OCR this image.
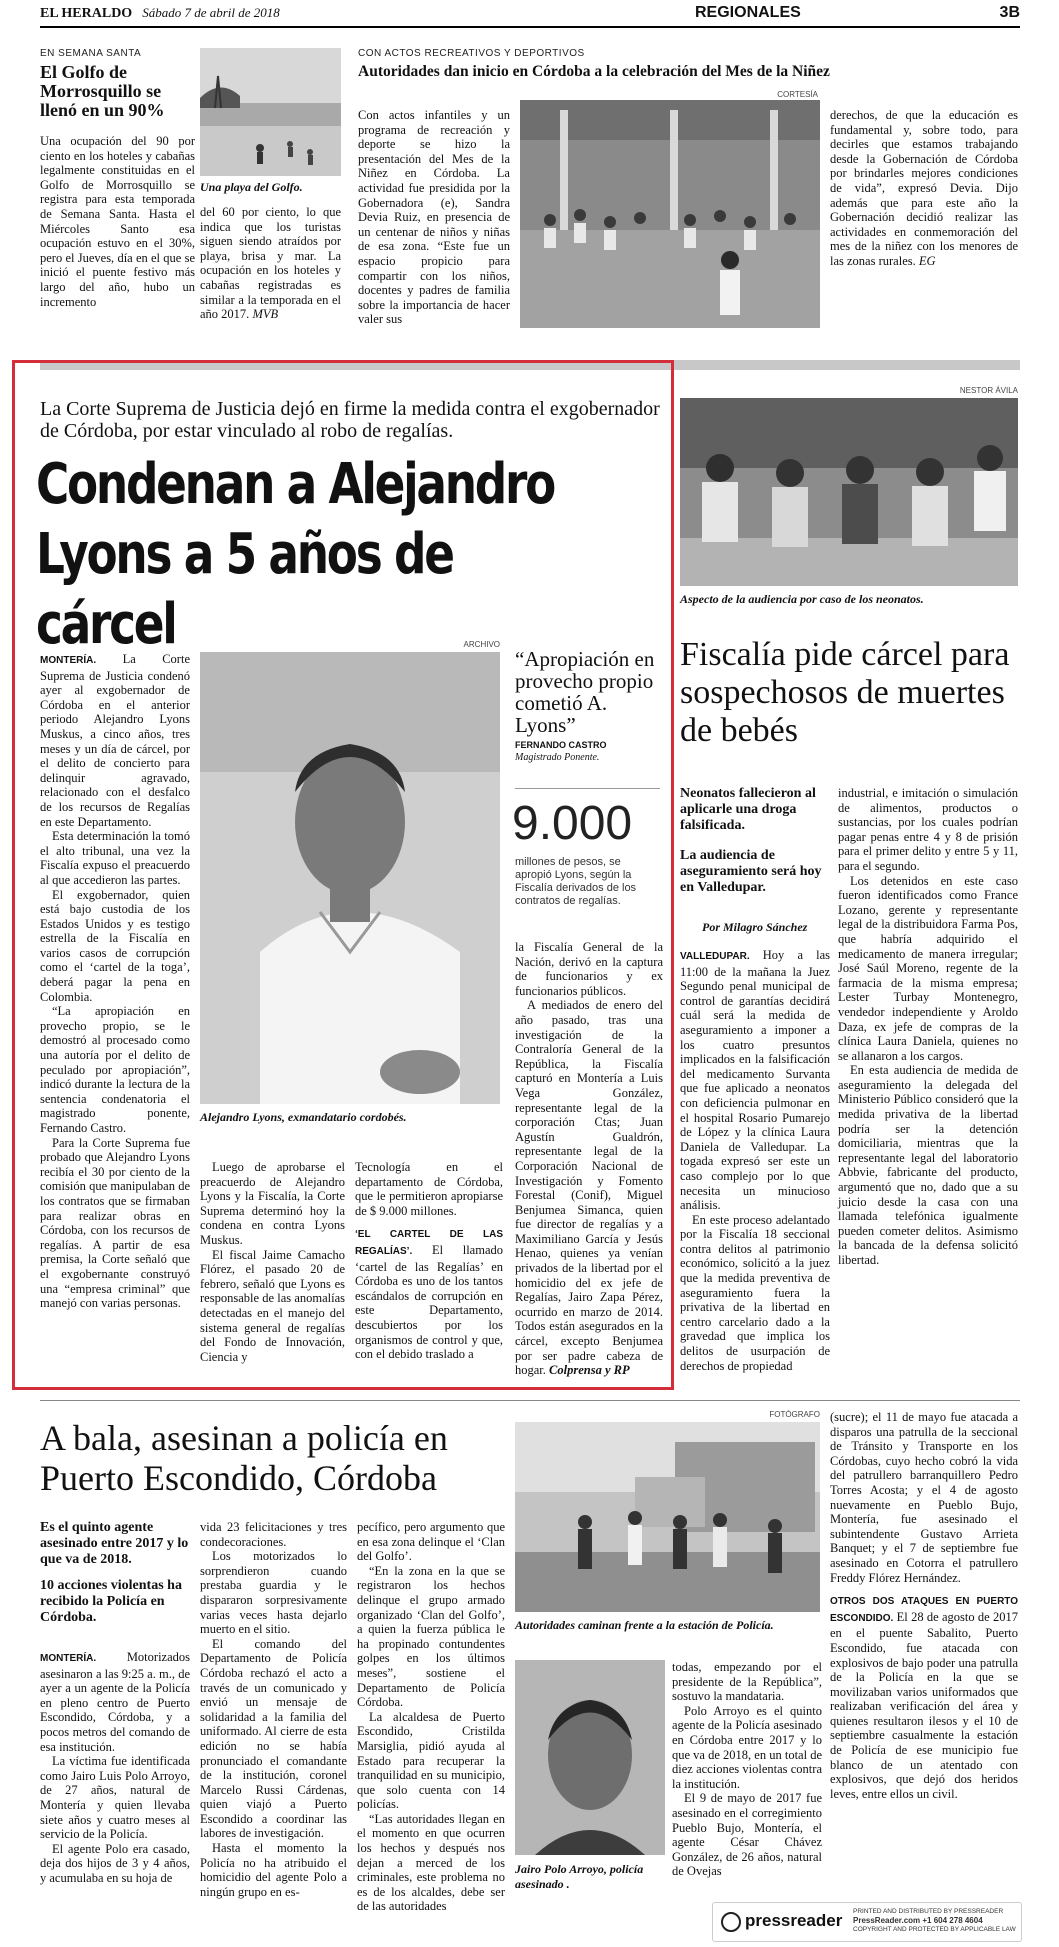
EL HERALDO Sábado 7 de abril de 2018	REGIONALES	3B
EN SEMANA SANTA
El Golfo de Morrosquillo se llenó en un 90%

Una ocupación del 90 por ciento en los hoteles y cabañas legalmente constituidas en el Golfo de Morrosquillo se registra para esta temporada de Semana Santa. Hasta el Miércoles Santo esa ocupación estuvo en el 30%, pero el Jueves, día en el que se inició el puente festivo más largo del año, hubo un incremento

Una playa del Golfo.

del 60 por ciento, lo que indica que los turistas siguen siendo atraídos por playa, brisa y mar. La ocupación en los hoteles y cabañas registradas es similar a la temporada en el año 2017. MVB

CON ACTOS RECREATIVOS Y DEPORTIVOS
Autoridades dan inicio en Córdoba a la celebración del Mes de la Niñez
CORTESÍA

Con actos infantiles y un programa de recreación y deporte se hizo la presentación del Mes de la Niñez en Córdoba. La actividad fue presidida por la Gobernadora (e), Sandra Devia Ruiz, en presencia de un centenar de niños y niñas de esa zona. “Este fue un espacio propicio para compartir con los niños, docentes y padres de familia sobre la importancia de hacer valer sus

derechos, de que la educación es fundamental y, sobre todo, para decirles que estamos trabajando desde la Gobernación de Córdoba por brindarles mejores condiciones de vida”, expresó Devia. Dijo además que para este año la Gobernación decidió realizar las actividades en conmemoración del mes de la niñez con los menores de las zonas rurales. EG

La Corte Suprema de Justicia dejó en firme la medida contra el exgobernador de Córdoba, por estar vinculado al robo de regalías.
Condenan a Alejandro
Lyons a 5 años de cárcel

MONTERÍA. La Corte Suprema de Justicia condenó ayer al exgobernador de Córdoba en el anterior periodo Alejandro Lyons Muskus, a cinco años, tres meses y un día de cárcel, por el delito de concierto para delinquir agravado, relacionado con el desfalco de los recursos de Regalías en este Departamento.

Esta determinación la tomó el alto tribunal, una vez la Fiscalía expuso el preacuerdo al que accedieron las partes.

El exgobernador, quien está bajo custodia de los Estados Unidos y es testigo estrella de la Fiscalía en varios casos de corrupción como el ‘cartel de la toga’, deberá pagar la pena en Colombia.

“La apropiación en provecho propio, se le demostró al procesado como una autoría por el delito de peculado por apropiación”, indicó durante la lectura de la sentencia condenatoria el magistrado ponente, Fernando Castro.

Para la Corte Suprema fue probado que Alejandro Lyons recibía el 30 por ciento de la comisión que manipulaban de los contratos que se firmaban para realizar obras en Córdoba, con los recursos de regalías. A partir de esa premisa, la Corte señaló que el exgobernante construyó una “empresa criminal” que manejó con varias personas.

ARCHIVO
Alejandro Lyons, exmandatario cordobés.

Luego de aprobarse el preacuerdo de Alejandro Lyons y la Fiscalía, la Corte Suprema determinó hoy la condena en contra Lyons Muskus.

El fiscal Jaime Camacho Flórez, el pasado 20 de febrero, señaló que Lyons es responsable de las anomalías detectadas en el manejo del sistema general de regalías del Fondo de Innovación, Ciencia y

Tecnología en el departamento de Córdoba, que le permitieron apropiarse de $ 9.000 millones.

‘EL CARTEL DE LAS REGALÍAS’. El llamado ‘cartel de las Regalías’ en Córdoba es uno de los tantos escándalos de corrupción en este Departamento, descubiertos por los organismos de control y que, con el debido traslado a

“Apropiación en provecho propio cometió A. Lyons”
FERNANDO CASTRO
Magistrado Ponente.
9.000
millones de pesos, se apropió Lyons, según la Fiscalía derivados de los contratos de regalías.

la Fiscalía General de la Nación, derivó en la captura de funcionarios y ex funcionarios públicos.

A mediados de enero del año pasado, tras una investigación de la Contraloría General de la República, la Fiscalía capturó en Montería a Luis Vega González, representante legal de la corporación Ctas; Juan Agustín Gualdrón, representante legal de la Corporación Nacional de Investigación y Fomento Forestal (Conif), Miguel Benjumea Simanca, quien fue director de regalías y a Maximiliano García y Jesús Henao, quienes ya venían privados de la libertad por el homicidio del ex jefe de Regalías, Jairo Zapa Pérez, ocurrido en marzo de 2014. Todos están asegurados en la cárcel, excepto Benjumea por ser padre cabeza de hogar. Colprensa y RP

NESTOR ÁVILA
Aspecto de la audiencia por caso de los neonatos.
Fiscalía pide cárcel para sospechosos de muertes de bebés
Neonatos fallecieron al aplicarle una droga falsificada.
La audiencia de aseguramiento será hoy en Valledupar.
Por Milagro Sánchez

VALLEDUPAR. Hoy a las 11:00 de la mañana la Juez Segundo penal municipal de control de garantías decidirá cuál será la medida de aseguramiento a imponer a los cuatro presuntos implicados en la falsificación del medicamento Survanta que fue aplicado a neonatos con deficiencia pulmonar en el hospital Rosario Pumarejo de López y la clínica Laura Daniela de Valledupar. La togada expresó ser este un caso complejo por lo que necesita un minucioso análisis.

En este proceso adelantado por la Fiscalía 18 seccional contra delitos al patrimonio económico, solicitó a la juez que la medida preventiva de aseguramiento fuera la privativa de la libertad en centro carcelario dado a la gravedad que implica los delitos de usurpación de derechos de propiedad

industrial, e imitación o simulación de alimentos, productos o sustancias, por los cuales podrían pagar penas entre 4 y 8 de prisión para el primer delito y entre 5 y 11, para el segundo.

Los detenidos en este caso fueron identificados como France Lozano, gerente y representante legal de la distribuidora Farma Pos, que habría adquirido el medicamento de manera irregular; José Saúl Moreno, regente de la farmacia de la misma empresa; Lester Turbay Montenegro, vendedor independiente y Aroldo Daza, ex jefe de compras de la clínica Laura Daniela, quienes no se allanaron a los cargos.

En esta audiencia de medida de aseguramiento la delegada del Ministerio Público consideró que la medida privativa de la libertad podría ser la detención domiciliaria, mientras que la representante legal del laboratorio Abbvie, fabricante del producto, argumentó que no, dado que a su juicio desde la casa con una llamada telefónica igualmente pueden cometer delitos. Asimismo la bancada de la defensa solicitó libertad.

A bala, asesinan a policía en Puerto Escondido, Córdoba
Es el quinto agente asesinado entre 2017 y lo que va de 2018.
10 acciones violentas ha recibido la Policía en Córdoba.

MONTERÍA. Motorizados asesinaron a las 9:25 a. m., de ayer a un agente de la Policía en pleno centro de Puerto Escondido, Córdoba, y a pocos metros del comando de esa institución.

La víctima fue identificada como Jairo Luis Polo Arroyo, de 27 años, natural de Montería y quien llevaba siete años y cuatro meses al servicio de la Policía.

El agente Polo era casado, deja dos hijos de 3 y 4 años, y acumulaba en su hoja de

vida 23 felicitaciones y tres condecoraciones.

Los motorizados lo sorprendieron cuando prestaba guardia y le dispararon sorpresivamente varias veces hasta dejarlo muerto en el sitio.

El comando del Departamento de Policía Córdoba rechazó el acto a través de un comunicado y envió un mensaje de solidaridad a la familia del uniformado. Al cierre de esta edición no se había pronunciado el comandante de la institución, coronel Marcelo Russi Cárdenas, quien viajó a Puerto Escondido a coordinar las labores de investigación.

Hasta el momento la Policía no ha atribuido el homicidio del agente Polo a ningún grupo en es-

pecífico, pero argumento que en esa zona delinque el ‘Clan del Golfo’.

“En la zona en la que se registraron los hechos delinque el grupo armado organizado ‘Clan del Golfo’, a quien la fuerza pública le ha propinado contundentes golpes en los últimos meses”, sostiene el Departamento de Policía Córdoba.

La alcaldesa de Puerto Escondido, Cristilda Marsiglia, pidió ayuda al Estado para recuperar la tranquilidad en su municipio, que solo cuenta con 14 policías.

“Las autoridades llegan en el momento en que ocurren los hechos y después nos dejan a merced de los criminales, este problema no es de los alcaldes, debe ser de las autoridades

FOTÓGRAFO
Autoridades caminan frente a la estación de Policía.
Jairo Polo Arroyo, policía asesinado .

todas, empezando por el presidente de la República”, sostuvo la mandataria.

Polo Arroyo es el quinto agente de la Policía asesinado en Córdoba entre 2017 y lo que va de 2018, en un total de diez acciones violentas contra la institución.

El 9 de mayo de 2017 fue asesinado en el corregimiento Pueblo Bujo, Montería, el agente César Chávez González, de 26 años, natural de Ovejas

(sucre); el 11 de mayo fue atacada a disparos una patrulla de la seccional de Tránsito y Transporte en los Córdobas, cuyo hecho cobró la vida del patrullero barranquillero Pedro Torres Acosta; y el 4 de agosto nuevamente en Pueblo Bujo, Montería, fue asesinado el subintendente Gustavo Arrieta Banquet; y el 7 de septiembre fue asesinado en Cotorra el patrullero Freddy Flórez Hernández.

OTROS DOS ATAQUES EN PUERTO ESCONDIDO. El 28 de agosto de 2017 en el puente Sabalito, Puerto Escondido, fue atacada con explosivos de bajo poder una patrulla de la Policía en la que se movilizaban varios uniformados que realizaban verificación del área y quienes resultaron ilesos y el 10 de septiembre casualmente la estación de Policía de ese municipio fue blanco de un atentado con explosivos, que dejó dos heridos leves, entre ellos un civil.

pressreader PRINTED AND DISTRIBUTED BY PRESSREADER
PressReader.com +1 604 278 4604
COPYRIGHT AND PROTECTED BY APPLICABLE LAW
